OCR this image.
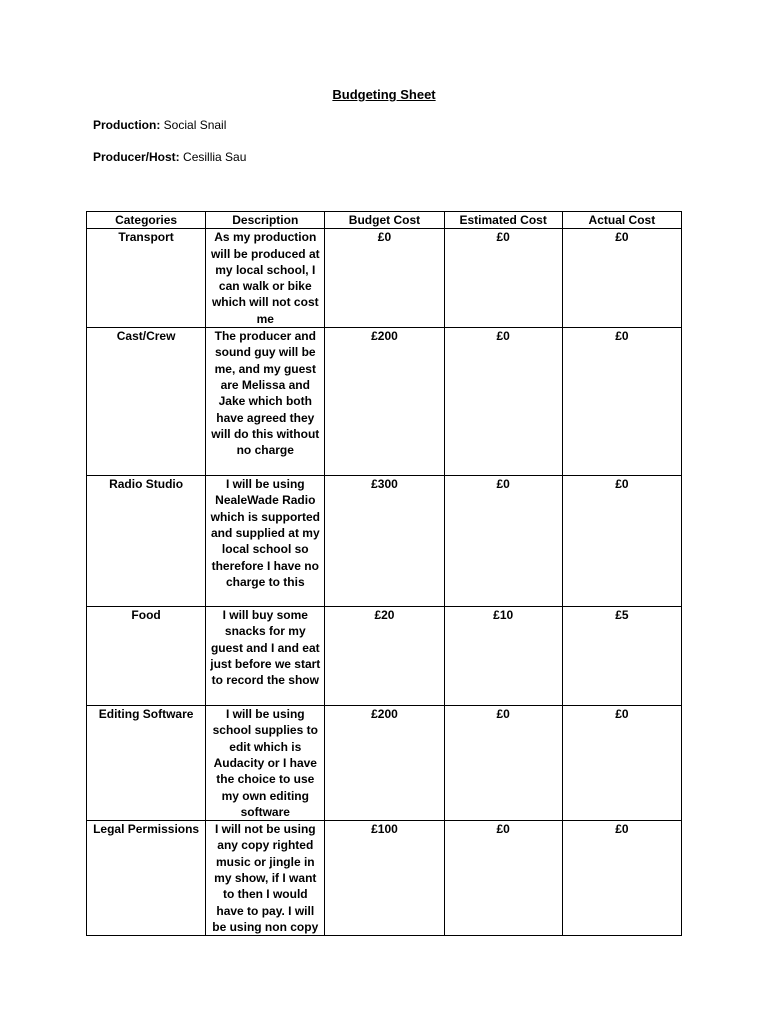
Budgeting Sheet
Production: Social Snail
Producer/Host: Cesillia Sau
Categories	Description	Budget Cost	Estimated Cost	Actual Cost
Transport	As my production will be produced at my local school, I can walk or bike which will not cost me	£0	£0	£0
Cast/Crew	The producer and sound guy will be me, and my guest are Melissa and Jake which both have agreed they will do this without no charge	£200	£0	£0
Radio Studio	I will be using NealeWade Radio which is supported and supplied at my local school so therefore I have no charge to this	£300	£0	£0
Food	I will buy some snacks for my guest and I and eat just before we start to record the show	£20	£10	£5
Editing Software	I will be using school supplies to edit which is Audacity or I have the choice to use my own editing software	£200	£0	£0
Legal Permissions	I will not be using any copy righted music or jingle in my show, if I want to then I would have to pay. I will be using non copy	£100	£0	£0
